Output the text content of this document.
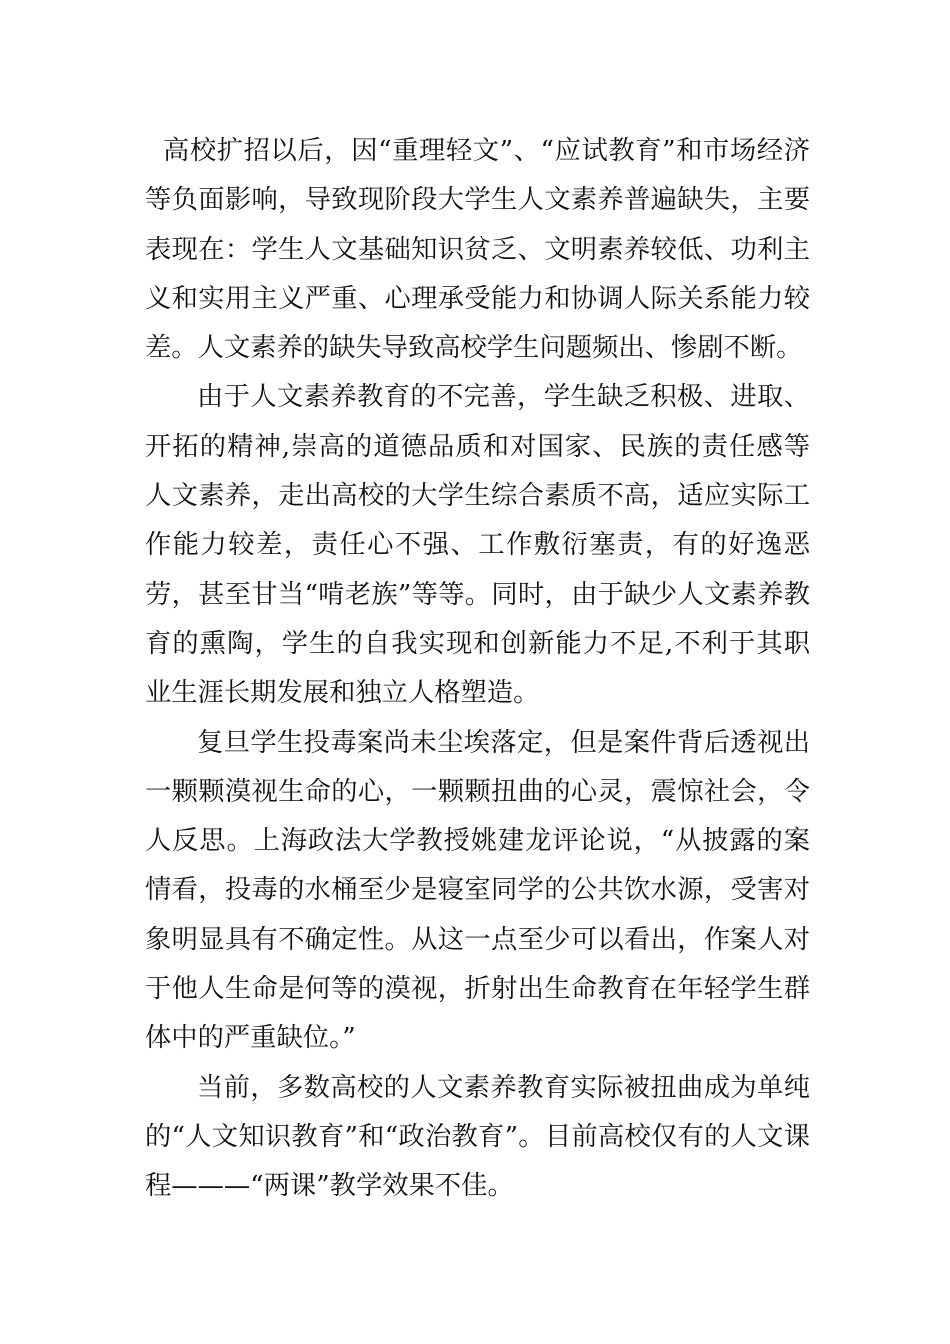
高校扩招以后，因“重理轻文”、“应试教育”和市场经济等负面影响，导致现阶段大学生人文素养普遍缺失，主要表现在：学生人文基础知识贫乏、文明素养较低、功利主义和实用主义严重、心理承受能力和协调人际关系能力较差。人文素养的缺失导致高校学生问题频出、惨剧不断。

由于人文素养教育的不完善，学生缺乏积极、进取、开拓的精神,崇高的道德品质和对国家、民族的责任感等人文素养，走出高校的大学生综合素质不高，适应实际工作能力较差，责任心不强、工作敷衍塞责，有的好逸恶劳，甚至甘当“啃老族”等等。同时，由于缺少人文素养教育的熏陶，学生的自我实现和创新能力不足,不利于其职业生涯长期发展和独立人格塑造。

复旦学生投毒案尚未尘埃落定，但是案件背后透视出一颗颗漠视生命的心，一颗颗扭曲的心灵，震惊社会，令人反思。上海政法大学教授姚建龙评论说，“从披露的案情看，投毒的水桶至少是寝室同学的公共饮水源，受害对象明显具有不确定性。从这一点至少可以看出，作案人对于他人生命是何等的漠视，折射出生命教育在年轻学生群体中的严重缺位。”

当前，多数高校的人文素养教育实际被扭曲成为单纯的“人文知识教育”和“政治教育”。目前高校仅有的人文课程———“两课”教学效果不佳。
